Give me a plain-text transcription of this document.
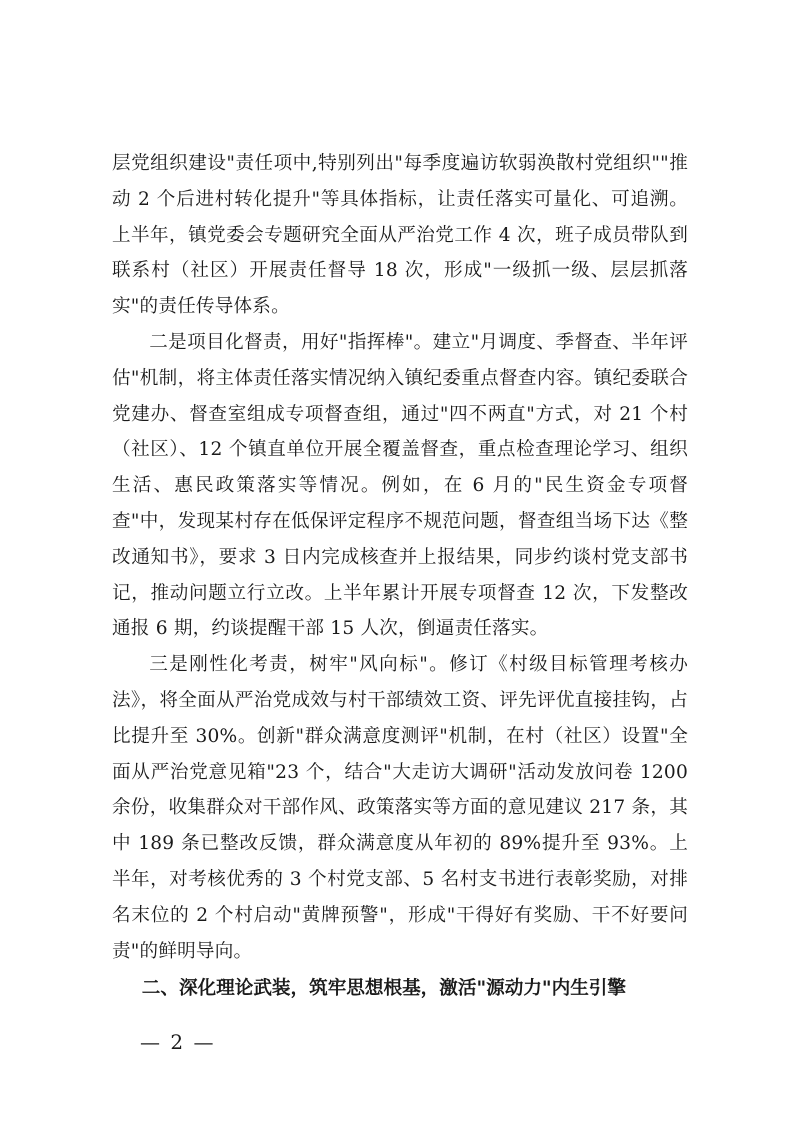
层党组织建设"责任项中,特别列出"每季度遍访软弱涣散村党组织""推动 2 个后进村转化提升"等具体指标，让责任落实可量化、可追溯。上半年，镇党委会专题研究全面从严治党工作 4 次，班子成员带队到联系村（社区）开展责任督导 18 次，形成"一级抓一级、层层抓落实"的责任传导体系。

二是项目化督责，用好"指挥棒"。建立"月调度、季督查、半年评估"机制，将主体责任落实情况纳入镇纪委重点督查内容。镇纪委联合党建办、督查室组成专项督查组，通过"四不两直"方式，对 21 个村（社区）、12 个镇直单位开展全覆盖督查，重点检查理论学习、组织生活、惠民政策落实等情况。例如，在 6 月的"民生资金专项督查"中，发现某村存在低保评定程序不规范问题，督查组当场下达《整改通知书》，要求 3 日内完成核查并上报结果，同步约谈村党支部书记，推动问题立行立改。上半年累计开展专项督查 12 次，下发整改通报 6 期，约谈提醒干部 15 人次，倒逼责任落实。

三是刚性化考责，树牢"风向标"。修订《村级目标管理考核办法》，将全面从严治党成效与村干部绩效工资、评先评优直接挂钩，占比提升至 30%。创新"群众满意度测评"机制，在村（社区）设置"全面从严治党意见箱"23 个，结合"大走访大调研"活动发放问卷 1200 余份，收集群众对干部作风、政策落实等方面的意见建议 217 条，其中 189 条已整改反馈，群众满意度从年初的 89%提升至 93%。上半年，对考核优秀的 3 个村党支部、5 名村支书进行表彰奖励，对排名末位的 2 个村启动"黄牌预警"，形成"干得好有奖励、干不好要问责"的鲜明导向。

二、深化理论武装，筑牢思想根基，激活"源动力"内生引擎
— 2 —
